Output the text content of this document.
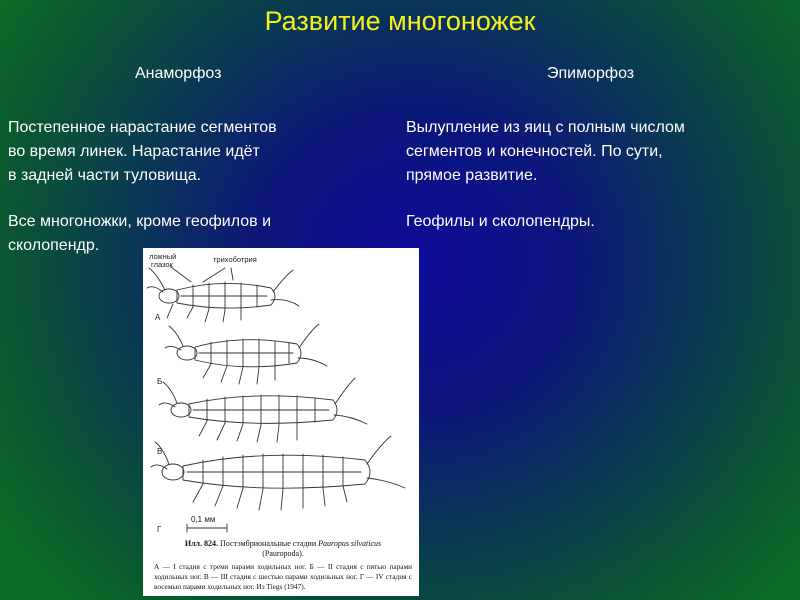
Развитие многоножек
Анаморфоз	Эпиморфоз

Постепенное нарастание сегментов
во время линек. Нарастание идёт
в задней части туловища.

Все многоножки, кроме геофилов и
сколопендр.

Вылупление из яиц с полным числом
сегментов и конечностей. По сути,
прямое развитие.

Геофилы и сколопендры.

ложный
глазок
трихоботрия
А
Б
В
Г
0,1 мм
Илл. 824. Постэмбриональные стадии Pauropus silvaticus
(Pauropoda).
А — I стадия с тремя парами ходильных ног. Б — II стадия с пятью парами ходильных ног. В — III стадия с шестью парами ходильных ног. Г — IV стадия с восемью парами ходильных ног. Из Tiegs (1947).
